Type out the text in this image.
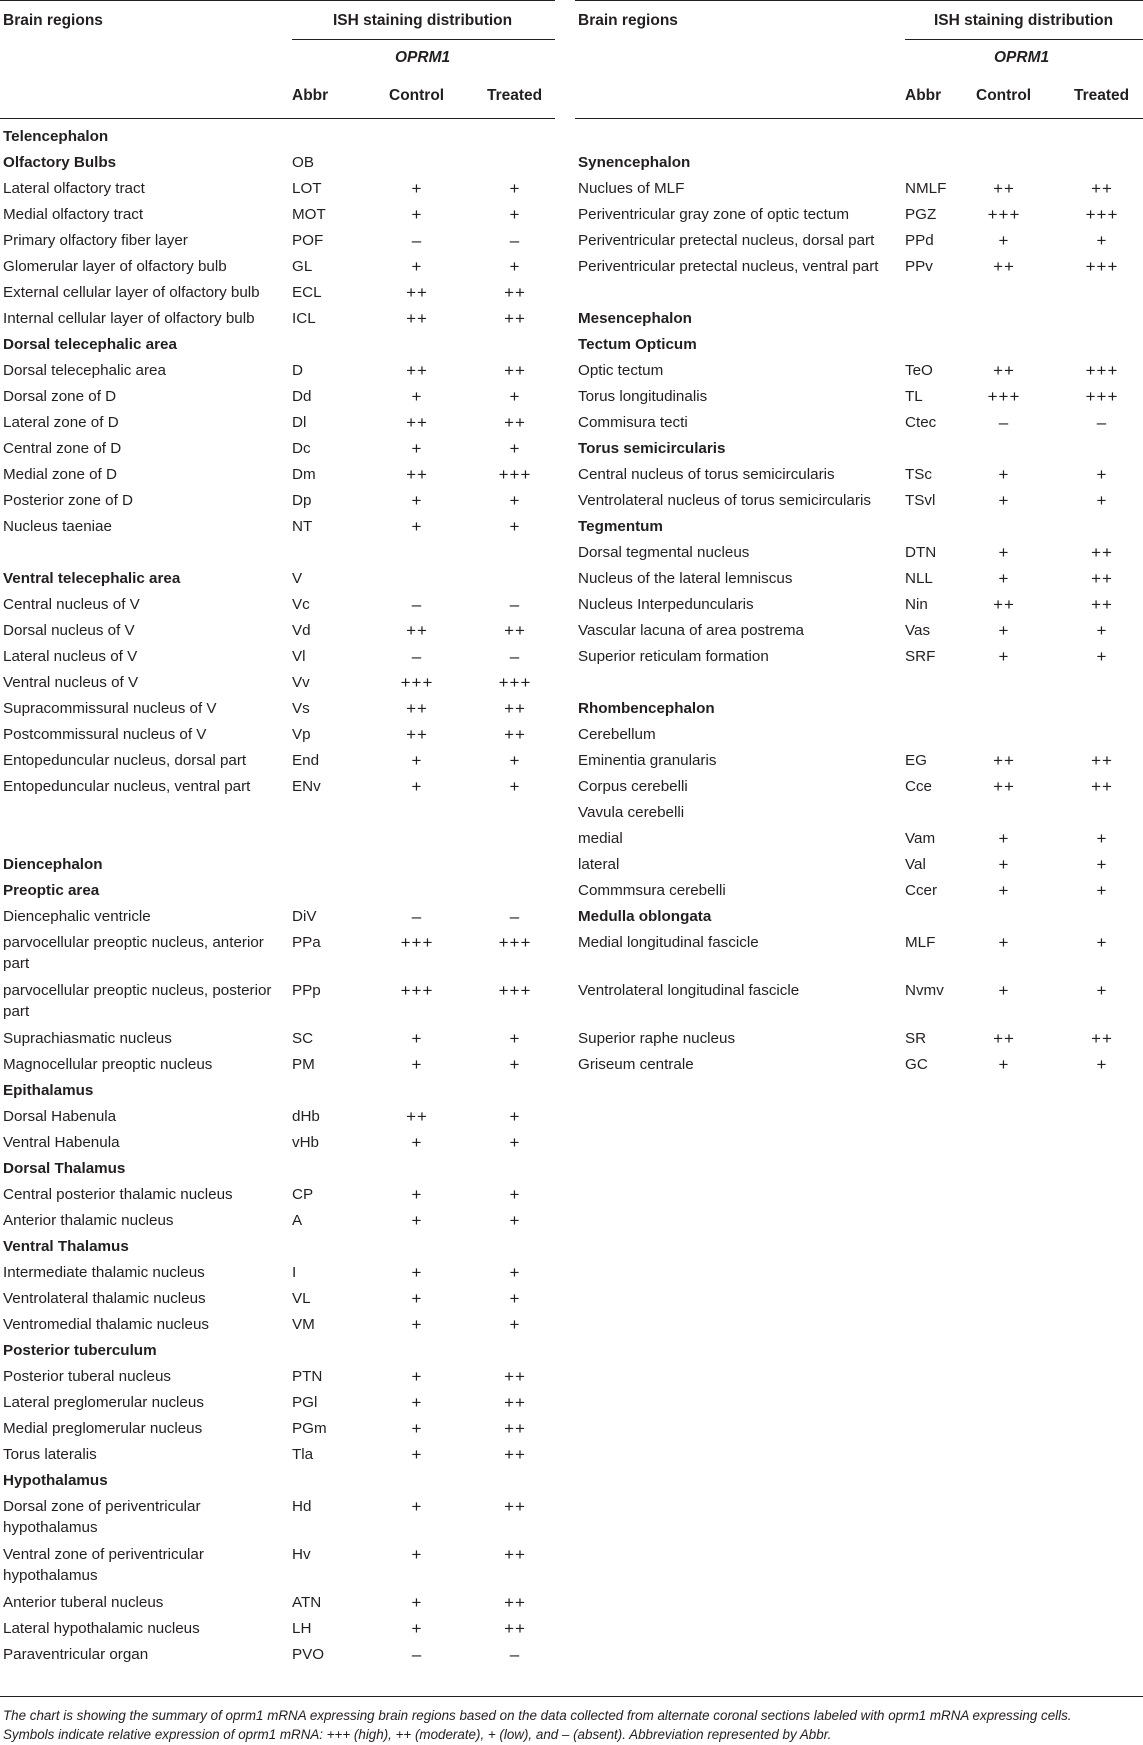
Brain regions	ISH staining distribution
OPRM1
Abbr	Control	Treated
Telencephalon
Olfactory Bulbs	OB
Lateral olfactory tract	LOT	+	+
Medial olfactory tract	MOT	+	+
Primary olfactory fiber layer	POF	–	–
Glomerular layer of olfactory bulb	GL	+	+
External cellular layer of olfactory bulb	ECL	++	++
Internal cellular layer of olfactory bulb	ICL	++	++
Dorsal telecephalic area
Dorsal telecephalic area	D	++	++
Dorsal zone of D	Dd	+	+
Lateral zone of D	Dl	++	++
Central zone of D	Dc	+	+
Medial zone of D	Dm	++	+++
Posterior zone of D	Dp	+	+
Nucleus taeniae	NT	+	+
Ventral telecephalic area	V
Central nucleus of V	Vc	–	–
Dorsal nucleus of V	Vd	++	++
Lateral nucleus of V	Vl	–	–
Ventral nucleus of V	Vv	+++	+++
Supracommissural nucleus of V	Vs	++	++
Postcommissural nucleus of V	Vp	++	++
Entopeduncular nucleus, dorsal part	End	+	+
Entopeduncular nucleus, ventral part	ENv	+	+
Diencephalon
Preoptic area
Diencephalic ventricle	DiV	–	–
parvocellular preoptic nucleus, anterior part
PPa	+++	+++
parvocellular preoptic nucleus, posterior part
PPp	+++	+++
Suprachiasmatic nucleus	SC	+	+
Magnocellular preoptic nucleus	PM	+	+
Epithalamus
Dorsal Habenula	dHb	++	+
Ventral Habenula	vHb	+	+
Dorsal Thalamus
Central posterior thalamic nucleus	CP	+	+
Anterior thalamic nucleus	A	+	+
Ventral Thalamus
Intermediate thalamic nucleus	I	+	+
Ventrolateral thalamic nucleus	VL	+	+
Ventromedial thalamic nucleus	VM	+	+
Posterior tuberculum
Posterior tuberal nucleus	PTN	+	++
Lateral preglomerular nucleus	PGl	+	++
Medial preglomerular nucleus	PGm	+	++
Torus lateralis	Tla	+	++
Hypothalamus
Dorsal zone of periventricular hypothalamus
Hd	+	++
Ventral zone of periventricular hypothalamus
Hv	+	++
Anterior tuberal nucleus	ATN	+	++
Lateral hypothalamic nucleus	LH	+	++
Paraventricular organ	PVO	–	–
Brain regions	ISH staining distribution
OPRM1
Abbr Control	Treated
Synencephalon
Nuclues of MLF	NMLF	++	++
Periventricular gray zone of optic tectum	PGZ	+++	+++
Periventricular pretectal nucleus, dorsal part	PPd	+	+
Periventricular pretectal nucleus, ventral part	PPv	++	+++
Mesencephalon
Tectum Opticum
Optic tectum	TeO	++	+++
Torus longitudinalis	TL	+++	+++
Commisura tecti	Ctec	–	–
Torus semicircularis
Central nucleus of torus semicircularis	TSc	+	+
Ventrolateral nucleus of torus semicircularis	TSvl	+	+
Tegmentum
Dorsal tegmental nucleus	DTN	+	++
Nucleus of the lateral lemniscus	NLL	+	++
Nucleus Interpeduncularis	Nin	++	++
Vascular lacuna of area postrema	Vas	+	+
Superior reticulam formation	SRF	+	+
Rhombencephalon
Cerebellum
Eminentia granularis	EG	++	++
Corpus cerebelli	Cce	++	++
Vavula cerebelli
medial	Vam	+	+
lateral	Val	+	+
Commmsura cerebelli	Ccer	+	+
Medulla oblongata
Medial longitudinal fascicle	MLF	+	+
Ventrolateral longitudinal fascicle	Nvmv	+	+
Superior raphe nucleus	SR	++	++
Griseum centrale	GC	+	+

The chart is showing the summary of oprm1 mRNA expressing brain regions based on the data collected from alternate coronal sections labeled with oprm1 mRNA expressing cells.

Symbols indicate relative expression of oprm1 mRNA: +++ (high), ++ (moderate), + (low), and – (absent). Abbreviation represented by Abbr.
